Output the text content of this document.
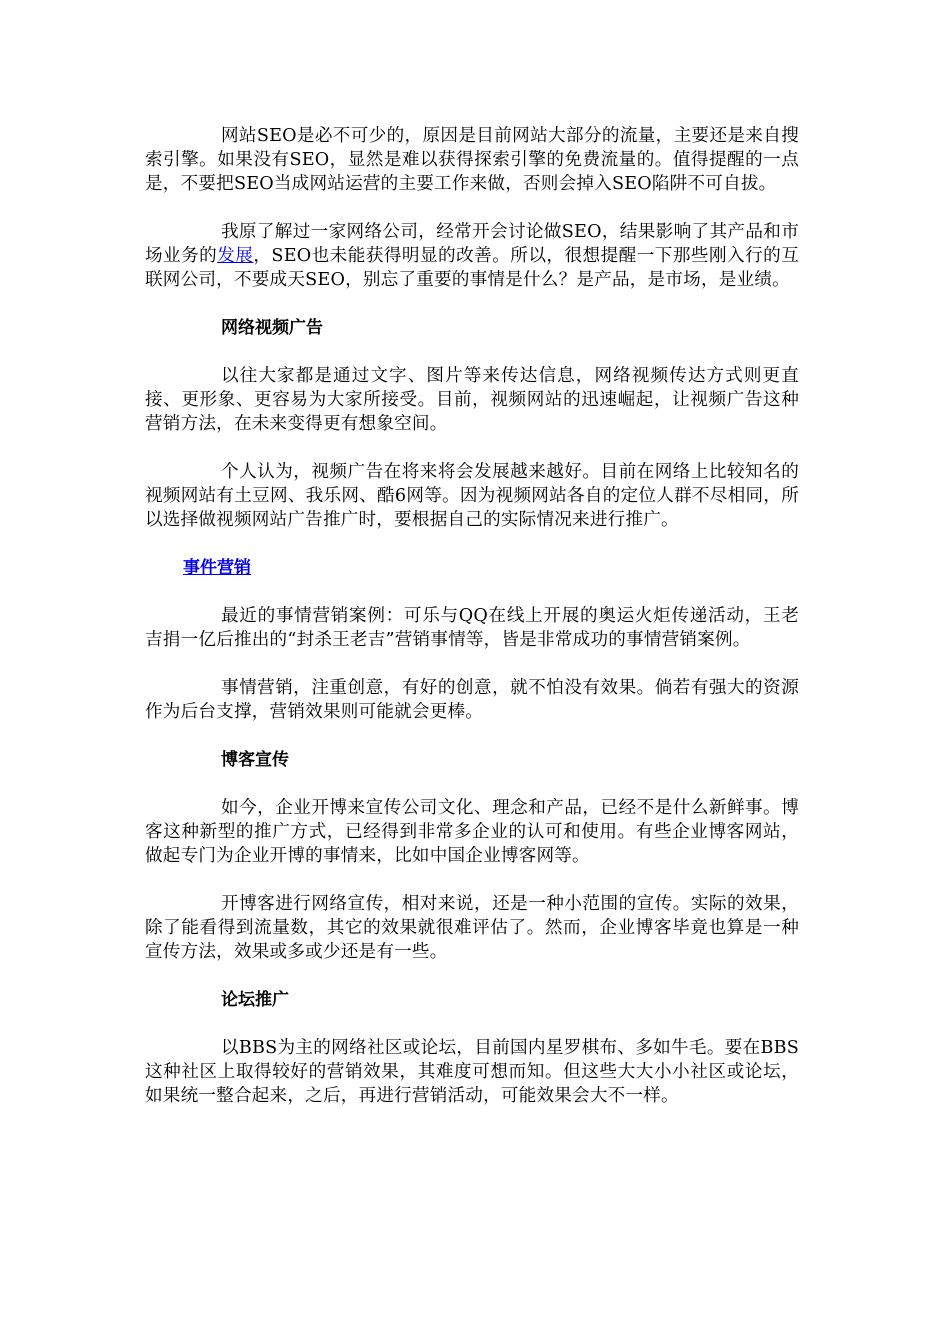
网站SEO是必不可少的，原因是目前网站大部分的流量，主要还是来自搜索引擎。如果没有SEO，显然是难以获得探索引擎的免费流量的。值得提醒的一点是，不要把SEO当成网站运营的主要工作来做，否则会掉入SEO陷阱不可自拔。

我原了解过一家网络公司，经常开会讨论做SEO，结果影响了其产品和市场业务的发展，SEO也未能获得明显的改善。所以，很想提醒一下那些刚入行的互联网公司，不要成天SEO，别忘了重要的事情是什么？是产品，是市场，是业绩。

网络视频广告

以往大家都是通过文字、图片等来传达信息，网络视频传达方式则更直接、更形象、更容易为大家所接受。目前，视频网站的迅速崛起，让视频广告这种营销方法，在未来变得更有想象空间。

个人认为，视频广告在将来将会发展越来越好。目前在网络上比较知名的视频网站有土豆网、我乐网、酷6网等。因为视频网站各自的定位人群不尽相同，所以选择做视频网站广告推广时，要根据自己的实际情况来进行推广。

事件营销

最近的事情营销案例：可乐与QQ在线上开展的奥运火炬传递活动，王老吉捐一亿后推出的“封杀王老吉”营销事情等，皆是非常成功的事情营销案例。

事情营销，注重创意，有好的创意，就不怕没有效果。倘若有强大的资源作为后台支撑，营销效果则可能就会更棒。

博客宣传

如今，企业开博来宣传公司文化、理念和产品，已经不是什么新鲜事。博客这种新型的推广方式，已经得到非常多企业的认可和使用。有些企业博客网站，做起专门为企业开博的事情来，比如中国企业博客网等。

开博客进行网络宣传，相对来说，还是一种小范围的宣传。实际的效果，除了能看得到流量数，其它的效果就很难评估了。然而，企业博客毕竟也算是一种宣传方法，效果或多或少还是有一些。

论坛推广

以BBS为主的网络社区或论坛，目前国内星罗棋布、多如牛毛。要在BBS这种社区上取得较好的营销效果，其难度可想而知。但这些大大小小社区或论坛，如果统一整合起来，之后，再进行营销活动，可能效果会大不一样。
